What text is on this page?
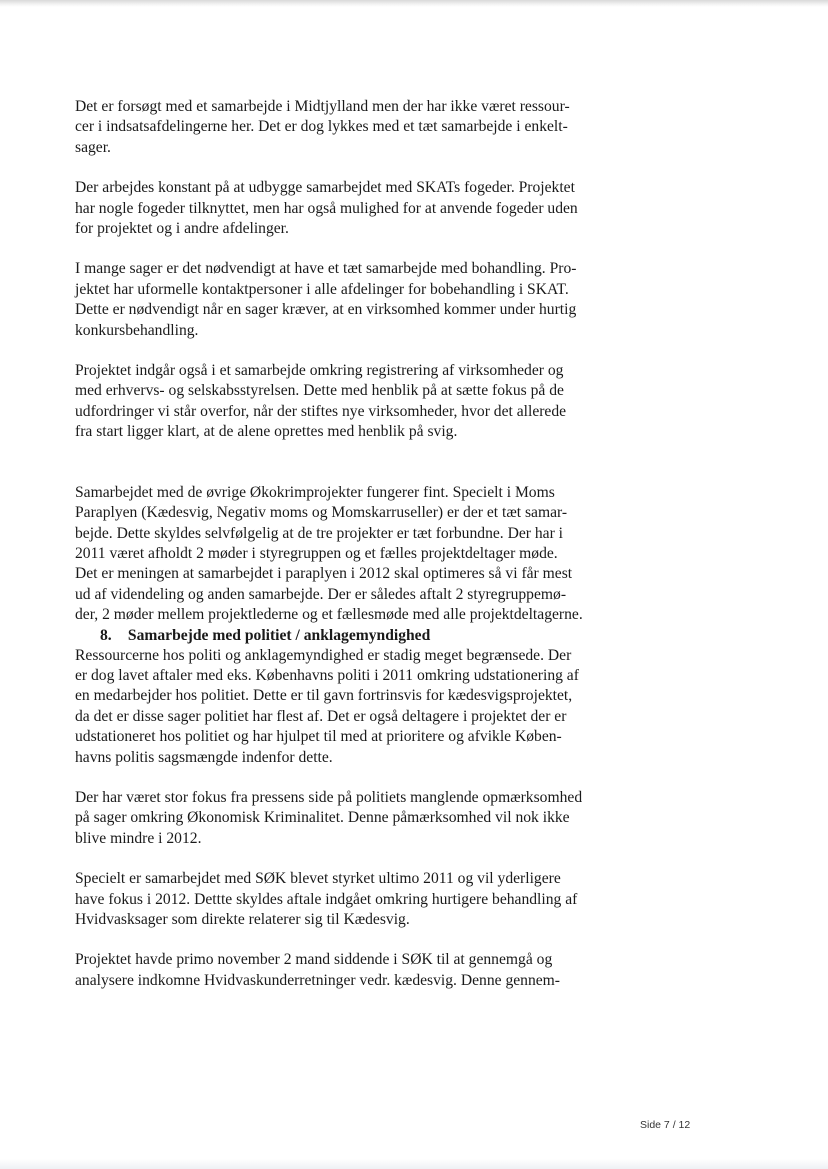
Det er forsøgt med et samarbejde i Midtjylland men der har ikke været ressour-
cer i indsatsafdelingerne her. Det er dog lykkes med et tæt samarbejde i enkelt-
sager.

Der arbejdes konstant på at udbygge samarbejdet med SKATs fogeder. Projektet
har nogle fogeder tilknyttet, men har også mulighed for at anvende fogeder uden
for projektet og i andre afdelinger.

I mange sager er det nødvendigt at have et tæt samarbejde med bohandling. Pro-
jektet har uformelle kontaktpersoner i alle afdelinger for bobehandling i SKAT.
Dette er nødvendigt når en sager kræver, at en virksomhed kommer under hurtig
konkursbehandling.

Projektet indgår også i et samarbejde omkring registrering af virksomheder og
med erhvervs- og selskabsstyrelsen. Dette med henblik på at sætte fokus på de
udfordringer vi står overfor, når der stiftes nye virksomheder, hvor det allerede
fra start ligger klart, at de alene oprettes med henblik på svig.

Samarbejdet med de øvrige Økokrimprojekter fungerer fint. Specielt i Moms
Paraplyen (Kædesvig, Negativ moms og Momskarruseller) er der et tæt samar-
bejde. Dette skyldes selvfølgelig at de tre projekter er tæt forbundne. Der har i
2011 været afholdt 2 møder i styregruppen og et fælles projektdeltager møde.
Det er meningen at samarbejdet i paraplyen i 2012 skal optimeres så vi får mest
ud af videndeling og anden samarbejde. Der er således aftalt 2 styregruppemø-
der, 2 møder mellem projektlederne og et fællesmøde med alle projektdeltagerne.

8. Samarbejde med politiet / anklagemyndighed

Ressourcerne hos politi og anklagemyndighed er stadig meget begrænsede. Der
er dog lavet aftaler med eks. Københavns politi i 2011 omkring udstationering af
en medarbejder hos politiet. Dette er til gavn fortrinsvis for kædesvigsprojektet,
da det er disse sager politiet har flest af. Det er også deltagere i projektet der er
udstationeret hos politiet og har hjulpet til med at prioritere og afvikle Køben-
havns politis sagsmængde indenfor dette.

Der har været stor fokus fra pressens side på politiets manglende opmærksomhed
på sager omkring Økonomisk Kriminalitet. Denne påmærksomhed vil nok ikke
blive mindre i 2012.

Specielt er samarbejdet med SØK blevet styrket ultimo 2011 og vil yderligere
have fokus i 2012. Dettte skyldes aftale indgået omkring hurtigere behandling af
Hvidvasksager som direkte relaterer sig til Kædesvig.

Projektet havde primo november 2 mand siddende i SØK til at gennemgå og
analysere indkomne Hvidvaskunderretninger vedr. kædesvig. Denne gennem-

Side 7 / 12
